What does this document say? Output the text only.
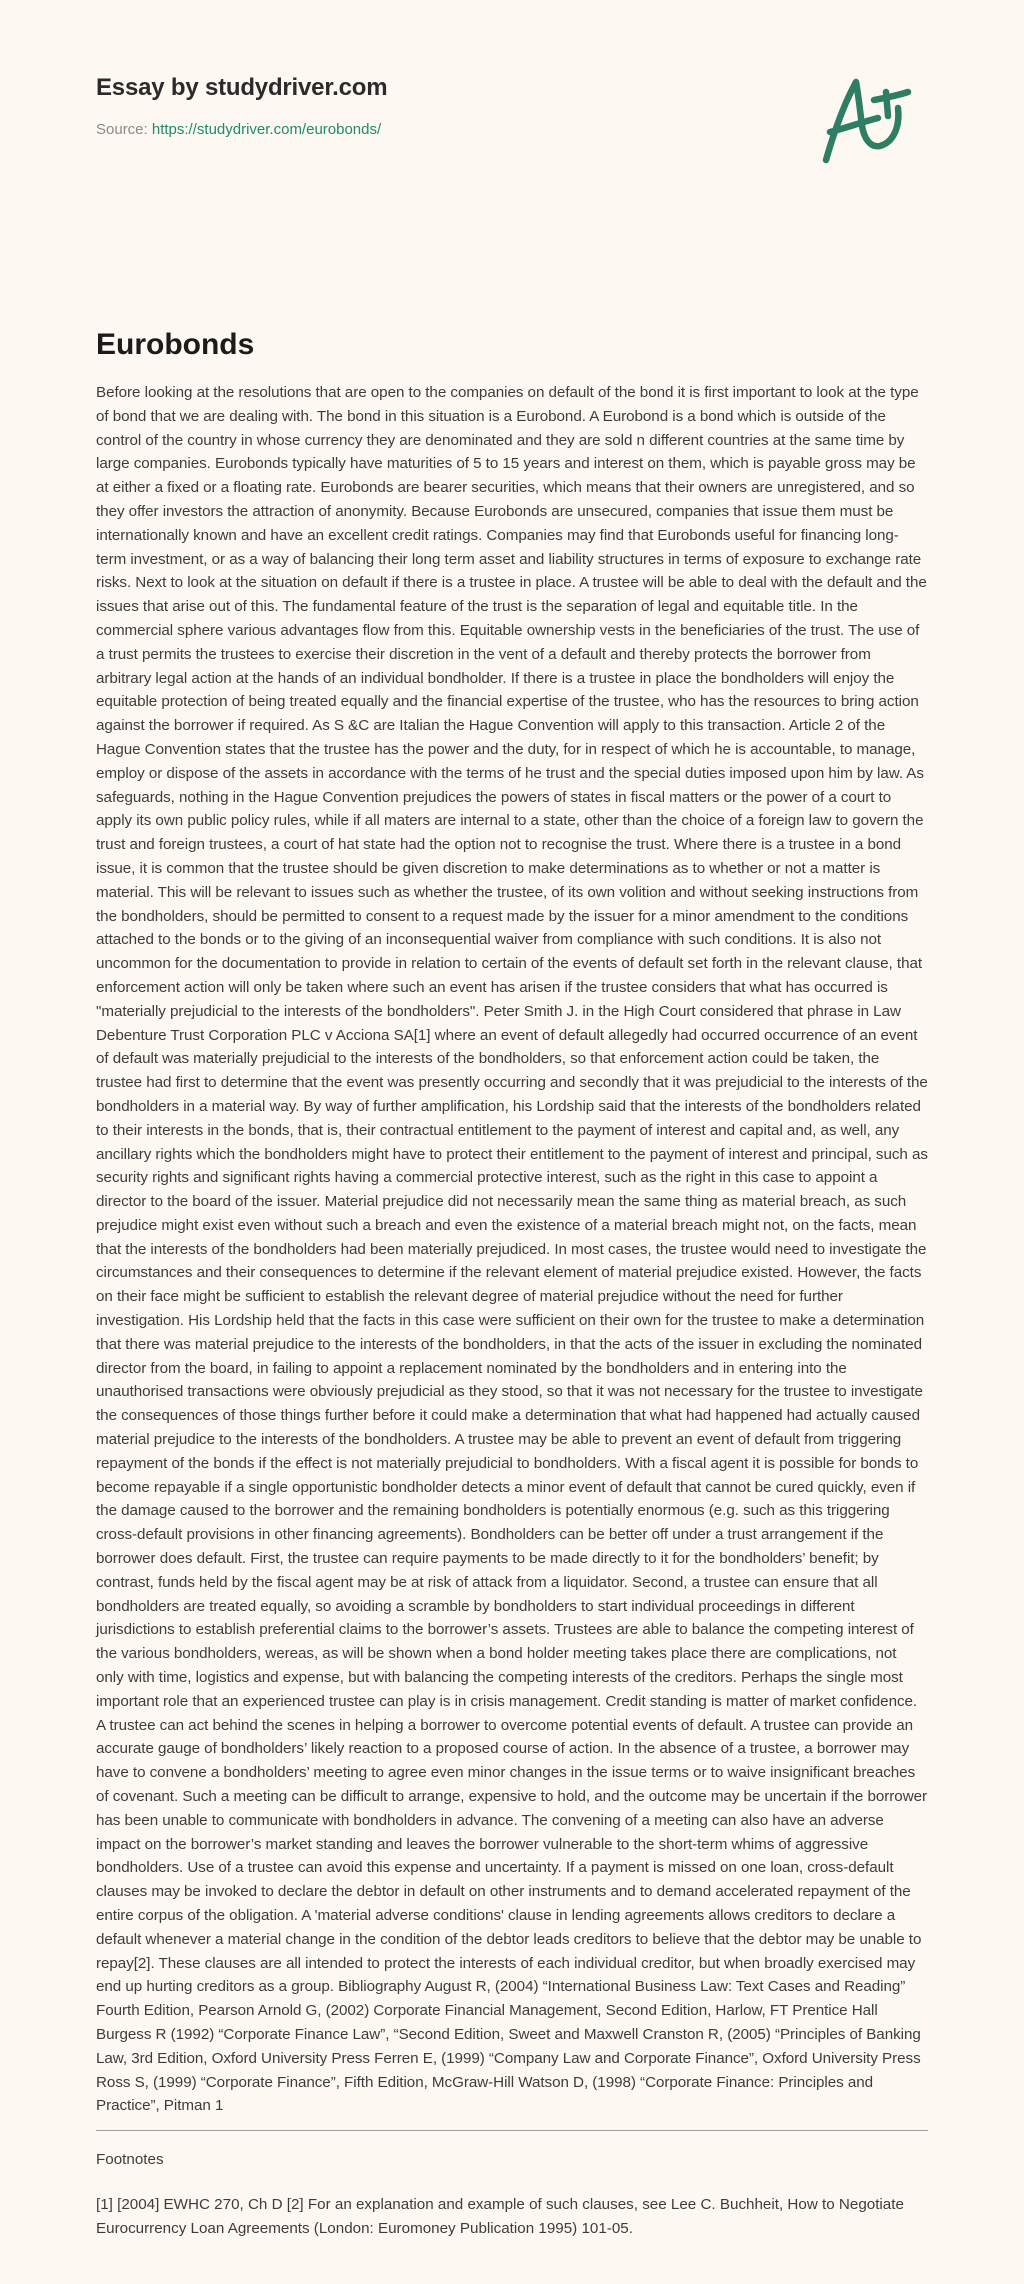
Essay by studydriver.com
Source: https://studydriver.com/eurobonds/
Eurobonds

Before looking at the resolutions that are open to the companies on default of the bond it is first important to look at the type of bond that we are dealing with. The bond in this situation is a Eurobond. A Eurobond is a bond which is outside of the control of the country in whose currency they are denominated and they are sold n different countries at the same time by large companies. Eurobonds typically have maturities of 5 to 15 years and interest on them, which is payable gross may be at either a fixed or a floating rate. Eurobonds are bearer securities, which means that their owners are unregistered, and so they offer investors the attraction of anonymity. Because Eurobonds are unsecured, companies that issue them must be internationally known and have an excellent credit ratings. Companies may find that Eurobonds useful for financing long-term investment, or as a way of balancing their long term asset and liability structures in terms of exposure to exchange rate risks. Next to look at the situation on default if there is a trustee in place. A trustee will be able to deal with the default and the issues that arise out of this. The fundamental feature of the trust is the separation of legal and equitable title. In the commercial sphere various advantages flow from this. Equitable ownership vests in the beneficiaries of the trust. The use of a trust permits the trustees to exercise their discretion in the vent of a default and thereby protects the borrower from arbitrary legal action at the hands of an individual bondholder. If there is a trustee in place the bondholders will enjoy the equitable protection of being treated equally and the financial expertise of the trustee, who has the resources to bring action against the borrower if required. As S &C are Italian the Hague Convention will apply to this transaction. Article 2 of the Hague Convention states that the trustee has the power and the duty, for in respect of which he is accountable, to manage, employ or dispose of the assets in accordance with the terms of he trust and the special duties imposed upon him by law. As safeguards, nothing in the Hague Convention prejudices the powers of states in fiscal matters or the power of a court to apply its own public policy rules, while if all maters are internal to a state, other than the choice of a foreign law to govern the trust and foreign trustees, a court of hat state had the option not to recognise the trust. Where there is a trustee in a bond issue, it is common that the trustee should be given discretion to make determinations as to whether or not a matter is material. This will be relevant to issues such as whether the trustee, of its own volition and without seeking instructions from the bondholders, should be permitted to consent to a request made by the issuer for a minor amendment to the conditions attached to the bonds or to the giving of an inconsequential waiver from compliance with such conditions. It is also not uncommon for the documentation to provide in relation to certain of the events of default set forth in the relevant clause, that enforcement action will only be taken where such an event has arisen if the trustee considers that what has occurred is "materially prejudicial to the interests of the bondholders". Peter Smith J. in the High Court considered that phrase in Law Debenture Trust Corporation PLC v Acciona SA[1] where an event of default allegedly had occurred occurrence of an event of default was materially prejudicial to the interests of the bondholders, so that enforcement action could be taken, the trustee had first to determine that the event was presently occurring and secondly that it was prejudicial to the interests of the bondholders in a material way. By way of further amplification, his Lordship said that the interests of the bondholders related to their interests in the bonds, that is, their contractual entitlement to the payment of interest and capital and, as well, any ancillary rights which the bondholders might have to protect their entitlement to the payment of interest and principal, such as security rights and significant rights having a commercial protective interest, such as the right in this case to appoint a director to the board of the issuer. Material prejudice did not necessarily mean the same thing as material breach, as such prejudice might exist even without such a breach and even the existence of a material breach might not, on the facts, mean that the interests of the bondholders had been materially prejudiced. In most cases, the trustee would need to investigate the circumstances and their consequences to determine if the relevant element of material prejudice existed. However, the facts on their face might be sufficient to establish the relevant degree of material prejudice without the need for further investigation. His Lordship held that the facts in this case were sufficient on their own for the trustee to make a determination that there was material prejudice to the interests of the bondholders, in that the acts of the issuer in excluding the nominated director from the board, in failing to appoint a replacement nominated by the bondholders and in entering into the unauthorised transactions were obviously prejudicial as they stood, so that it was not necessary for the trustee to investigate the consequences of those things further before it could make a determination that what had happened had actually caused material prejudice to the interests of the bondholders. A trustee may be able to prevent an event of default from triggering repayment of the bonds if the effect is not materially prejudicial to bondholders. With a fiscal agent it is possible for bonds to become repayable if a single opportunistic bondholder detects a minor event of default that cannot be cured quickly, even if the damage caused to the borrower and the remaining bondholders is potentially enormous (e.g. such as this triggering cross-default provisions in other financing agreements). Bondholders can be better off under a trust arrangement if the borrower does default. First, the trustee can require payments to be made directly to it for the bondholders’ benefit; by contrast, funds held by the fiscal agent may be at risk of attack from a liquidator. Second, a trustee can ensure that all bondholders are treated equally, so avoiding a scramble by bondholders to start individual proceedings in different jurisdictions to establish preferential claims to the borrower’s assets. Trustees are able to balance the competing interest of the various bondholders, wereas, as will be shown when a bond holder meeting takes place there are complications, not only with time, logistics and expense, but with balancing the competing interests of the creditors. Perhaps the single most important role that an experienced trustee can play is in crisis management. Credit standing is matter of market confidence. A trustee can act behind the scenes in helping a borrower to overcome potential events of default. A trustee can provide an accurate gauge of bondholders’ likely reaction to a proposed course of action. In the absence of a trustee, a borrower may have to convene a bondholders’ meeting to agree even minor changes in the issue terms or to waive insignificant breaches of covenant. Such a meeting can be difficult to arrange, expensive to hold, and the outcome may be uncertain if the borrower has been unable to communicate with bondholders in advance. The convening of a meeting can also have an adverse impact on the borrower’s market standing and leaves the borrower vulnerable to the short-term whims of aggressive bondholders. Use of a trustee can avoid this expense and uncertainty. If a payment is missed on one loan, cross-default clauses may be invoked to declare the debtor in default on other instruments and to demand accelerated repayment of the entire corpus of the obligation. A 'material adverse conditions' clause in lending agreements allows creditors to declare a default whenever a material change in the condition of the debtor leads creditors to believe that the debtor may be unable to repay[2]. These clauses are all intended to protect the interests of each individual creditor, but when broadly exercised may end up hurting creditors as a group. Bibliography August R, (2004) “International Business Law: Text Cases and Reading” Fourth Edition, Pearson Arnold G, (2002) Corporate Financial Management, Second Edition, Harlow, FT Prentice Hall Burgess R (1992) “Corporate Finance Law”, “Second Edition, Sweet and Maxwell Cranston R, (2005) “Principles of Banking Law, 3rd Edition, Oxford University Press Ferren E, (1999) “Company Law and Corporate Finance”, Oxford University Press Ross S, (1999) “Corporate Finance”, Fifth Edition, McGraw-Hill Watson D, (1998) “Corporate Finance: Principles and Practice”, Pitman 1

Footnotes

[1] [2004] EWHC 270, Ch D [2] For an explanation and example of such clauses, see Lee C. Buchheit, How to Negotiate Eurocurrency Loan Agreements (London: Euromoney Publication 1995) 101-05.
